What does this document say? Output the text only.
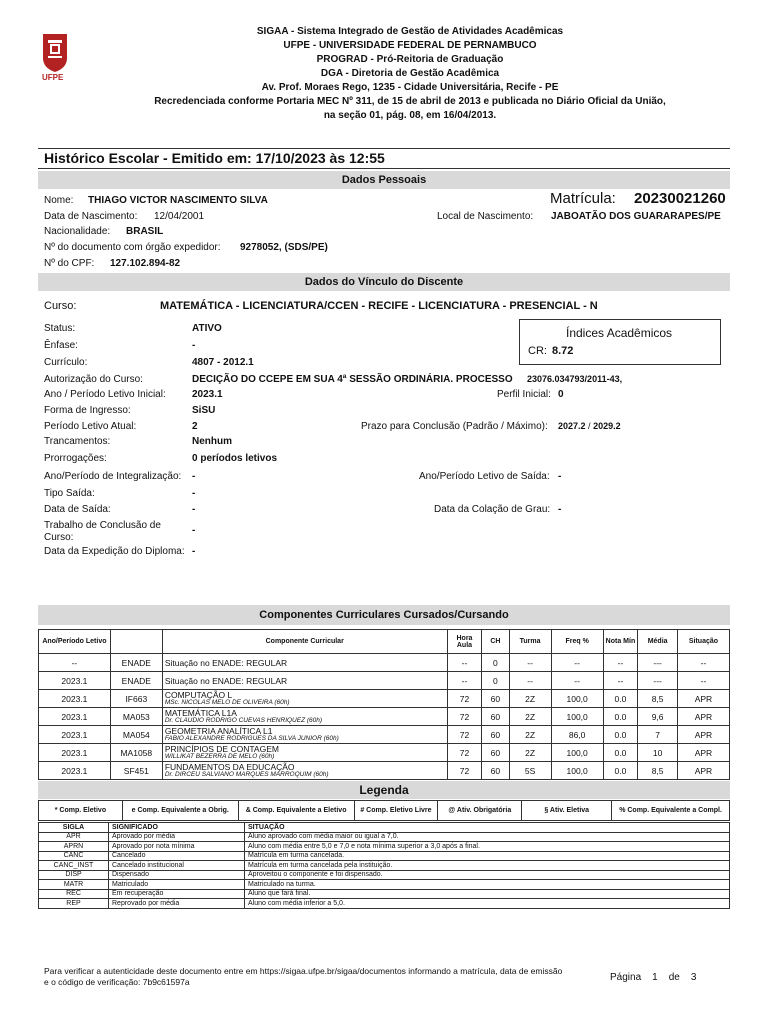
UFPE
SIGAA - Sistema Integrado de Gestão de Atividades Acadêmicas
UFPE - UNIVERSIDADE FEDERAL DE PERNAMBUCO
PROGRAD - Pró-Reitoria de Graduação
DGA - Diretoria de Gestão Acadêmica
Av. Prof. Moraes Rego, 1235 - Cidade Universitária, Recife - PE
Recredenciada conforme Portaria MEC Nº 311, de 15 de abril de 2013 e publicada no Diário Oficial da União,
na seção 01, pág. 08, em 16/04/2013.
Histórico Escolar - Emitido em: 17/10/2023 às 12:55
Dados Pessoais
Nome: THIAGO VICTOR NASCIMENTO SILVA	Matrícula: 20230021260
Data de Nascimento: 12/04/2001	Local de Nascimento: JABOATÃO DOS GUARARAPES/PE
Nacionalidade: BRASIL
Nº do documento com órgão expedidor: 9278052, (SDS/PE)
Nº do CPF: 127.102.894-82
Dados do Vínculo do Discente
Curso:	MATEMÁTICA - LICENCIATURA/CCEN - RECIFE - LICENCIATURA - PRESENCIAL - N
Status:	ATIVO	Índices Acadêmicos
CR: 8.72
Ênfase:	-
Currículo:	4807 - 2012.1
Autorização do Curso:	DECIÇÃO DO CCEPE EM SUA 4ª SESSÃO ORDINÁRIA. PROCESSO 23076.034793/2011-43,
Ano / Período Letivo Inicial:	2023.1	Perfil Inicial: 0
Forma de Ingresso:	SiSU
Período Letivo Atual:	2	Prazo para Conclusão (Padrão / Máximo): 2027.2 / 2029.2
Trancamentos:	Nenhum
Prorrogações:	0 períodos letivos
Ano/Período de Integralização: -	Ano/Período Letivo de Saída: -
Tipo Saída:	-
Data de Saída:	-	Data da Colação de Grau: -
Trabalho de Conclusão de Curso:
-
Data da Expedição do Diploma: -
Componentes Curriculares Cursados/Cursando
Ano/Período Letivo		Componente Curricular	Hora Aula	CH	Turma	Freq %	Nota Mín	Média	Situação
--	ENADE	Situação no ENADE: REGULAR	--	0	--	--	--	---	--
2023.1	ENADE	Situação no ENADE: REGULAR	--	0	--	--	--	---	--
2023.1	IF663	COMPUTAÇÃO L
MSc. NICOLAS MELO DE OLIVEIRA (60h)	72	60	2Z	100,0	0.0	8,5	APR
2023.1	MA053	MATEMÁTICA L1A
Dr. CLAUDIO RODRIGO CUEVAS HENRIQUEZ (60h)	72	60	2Z	100,0	0.0	9,6	APR
2023.1	MA054	GEOMETRIA ANALÍTICA L1
FABIO ALEXANDRE RODRIGUES DA SILVA JUNIOR (60h)	72	60	2Z	86,0	0.0	7	APR
2023.1	MA1058	PRINCÍPIOS DE CONTAGEM
WILLIKAT BEZERRA DE MELO (60h)	72	60	2Z	100,0	0.0	10	APR
2023.1	SF451	FUNDAMENTOS DA EDUCAÇÃO
Dr. DIRCEU SALVIANO MARQUES MARROQUIM (60h)	72	60	5S	100,0	0.0	8,5	APR
Legenda
* Comp. Eletivo	e Comp. Equivalente a Obrig.	& Comp. Equivalente a Eletivo	# Comp. Eletivo Livre	@ Ativ. Obrigatória	§ Ativ. Eletiva	% Comp. Equivalente a Compl.
SIGLA	SIGNIFICADO	SITUAÇÃO
APR	Aprovado por média	Aluno aprovado com média maior ou igual a 7,0.
APRN	Aprovado por nota mínima	Aluno com média entre 5,0 e 7,0 e nota mínima superior a 3,0 após a final.
CANC	Cancelado	Matrícula em turma cancelada.
CANC_INST	Cancelado institucional	Matrícula em turma cancelada pela instituição.
DISP	Dispensado	Aproveitou o componente e foi dispensado.
MATR	Matriculado	Matriculado na turma.
REC	Em recuperação	Aluno que fará final.
REP	Reprovado por média	Aluno com média inferior a 5,0.
Para verificar a autenticidade deste documento entre em https://sigaa.ufpe.br/sigaa/documentos informando a matrícula, data de emissão e o código de verificação: 7b9c61597a	Página 1 de 3
